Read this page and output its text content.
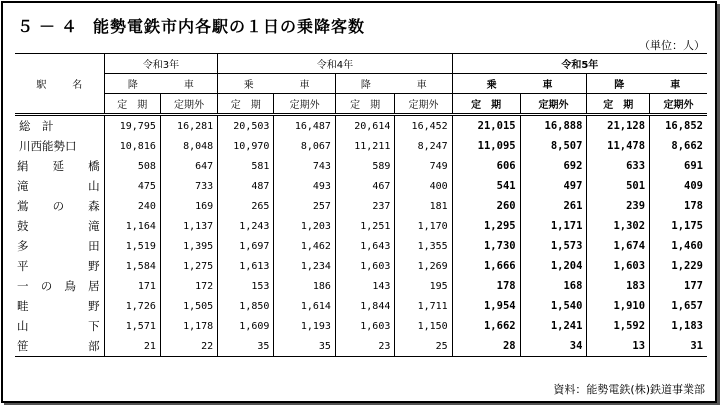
５－４ 能勢電鉄市内各駅の１日の乗降客数
（単位：人）
駅　名	令和3年		令和4年				令和5年			
	降　車		乗　車		降　車		乗　車		降　車	
	定　期	定期外	定　期	定期外	定　期	定期外	定　期	定期外	定　期	定期外
総　計	19,795	16,281	20,503	16,487	20,614	16,452	21,015	16,888	21,128	16,852
川西能勢口	10,816	8,048	10,970	8,067	11,211	8,247	11,095	8,507	11,478	8,662
絹延橋	508	647	581	743	589	749	606	692	633	691
滝山	475	733	487	493	467	400	541	497	501	409
鴬の森	240	169	265	257	237	181	260	261	239	178
鼓滝	1,164	1,137	1,243	1,203	1,251	1,170	1,295	1,171	1,302	1,175
多田	1,519	1,395	1,697	1,462	1,643	1,355	1,730	1,573	1,674	1,460
平野	1,584	1,275	1,613	1,234	1,603	1,269	1,666	1,204	1,603	1,229
一の鳥居	171	172	153	186	143	195	178	168	183	177
畦野	1,726	1,505	1,850	1,614	1,844	1,711	1,954	1,540	1,910	1,657
山下	1,571	1,178	1,609	1,193	1,603	1,150	1,662	1,241	1,592	1,183
笹部	21	22	35	35	23	25	28	34	13	31
資料：能勢電鉄(株)鉄道事業部
